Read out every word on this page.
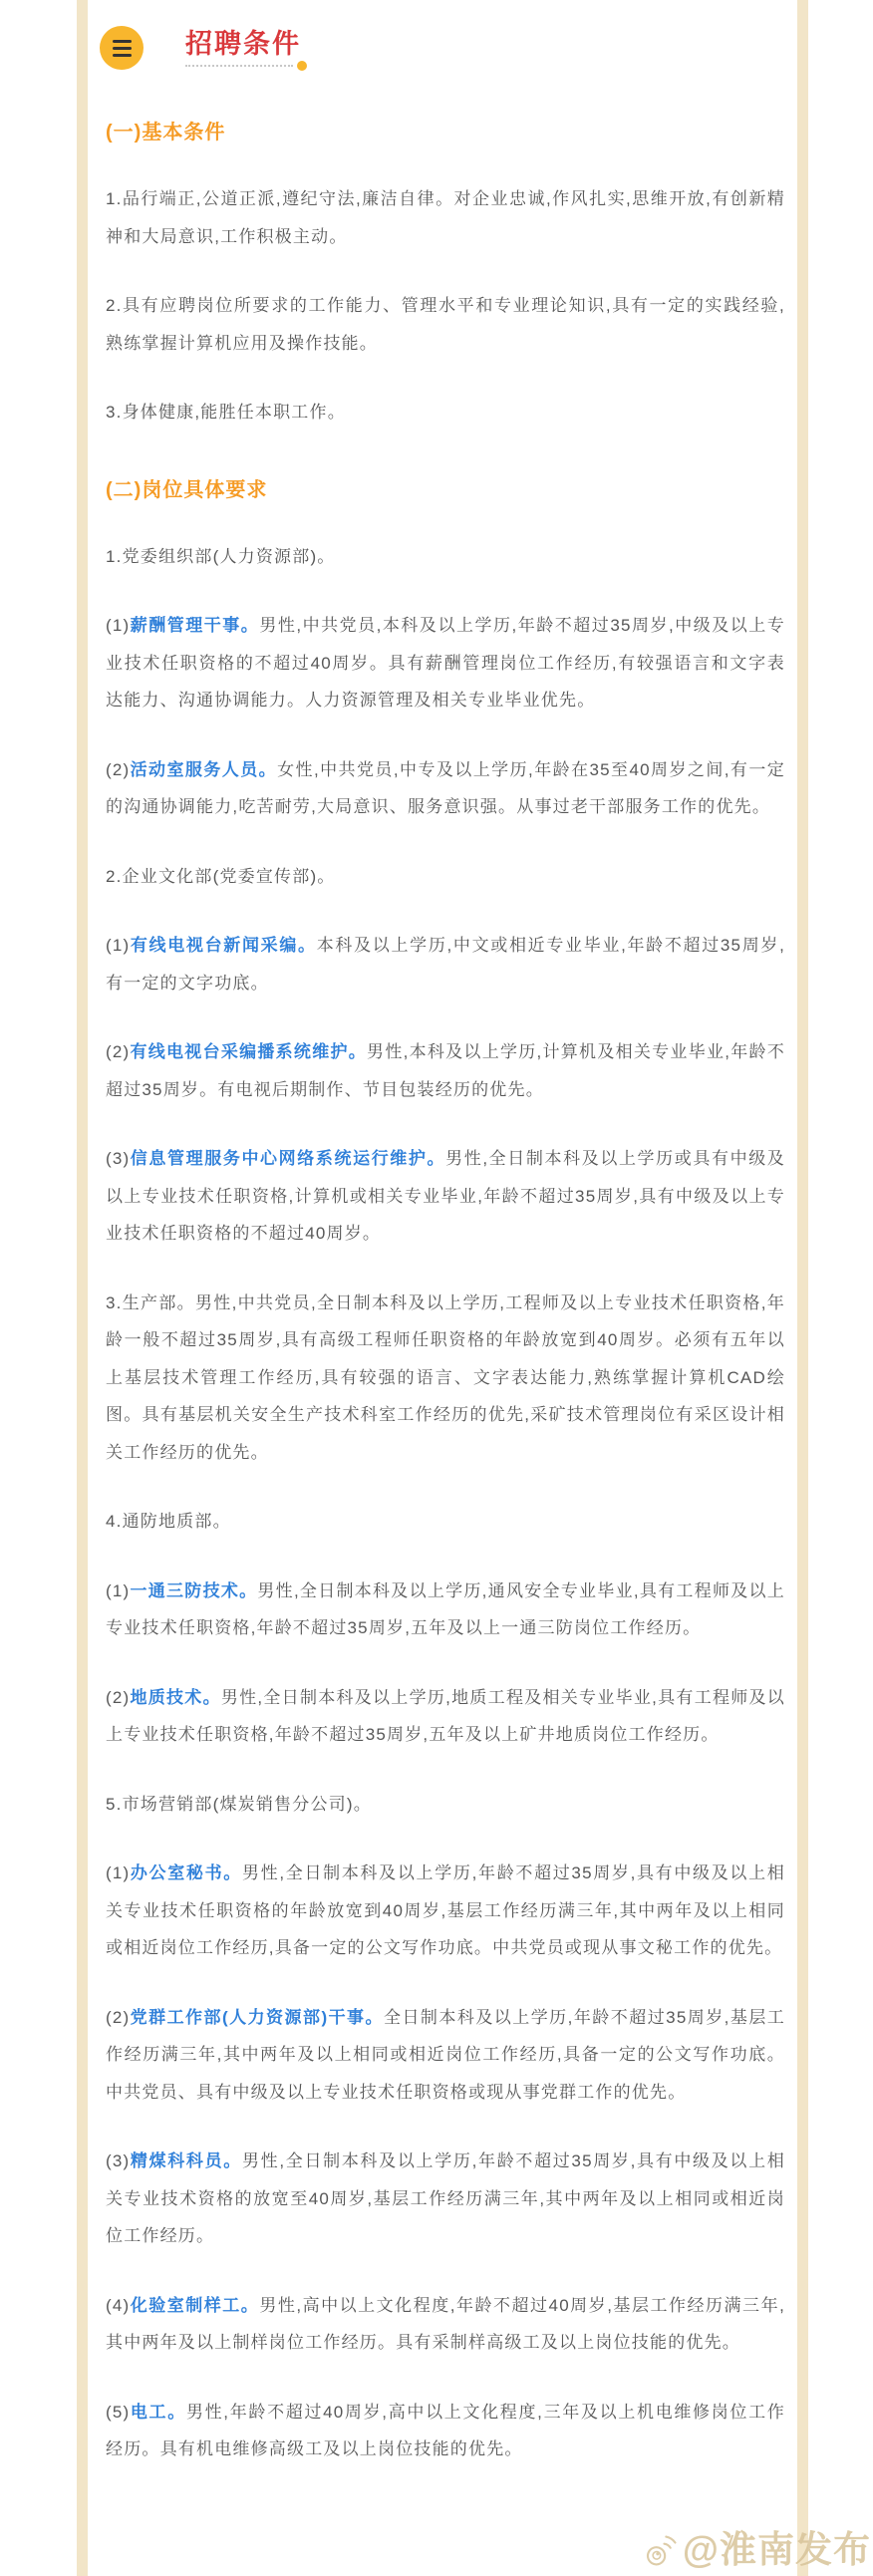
招聘条件
(一)基本条件

1.品行端正,公道正派,遵纪守法,廉洁自律。对企业忠诚,作风扎实,思维开放,有创新精神和大局意识,工作积极主动。

2.具有应聘岗位所要求的工作能力、管理水平和专业理论知识,具有一定的实践经验,熟练掌握计算机应用及操作技能。

3.身体健康,能胜任本职工作。

(二)岗位具体要求

1.党委组织部(人力资源部)。

(1)薪酬管理干事。男性,中共党员,本科及以上学历,年龄不超过35周岁,中级及以上专业技术任职资格的不超过40周岁。具有薪酬管理岗位工作经历,有较强语言和文字表达能力、沟通协调能力。人力资源管理及相关专业毕业优先。

(2)活动室服务人员。女性,中共党员,中专及以上学历,年龄在35至40周岁之间,有一定的沟通协调能力,吃苦耐劳,大局意识、服务意识强。从事过老干部服务工作的优先。

2.企业文化部(党委宣传部)。

(1)有线电视台新闻采编。本科及以上学历,中文或相近专业毕业,年龄不超过35周岁,有一定的文字功底。

(2)有线电视台采编播系统维护。男性,本科及以上学历,计算机及相关专业毕业,年龄不超过35周岁。有电视后期制作、节目包装经历的优先。

(3)信息管理服务中心网络系统运行维护。男性,全日制本科及以上学历或具有中级及以上专业技术任职资格,计算机或相关专业毕业,年龄不超过35周岁,具有中级及以上专业技术任职资格的不超过40周岁。

3.生产部。男性,中共党员,全日制本科及以上学历,工程师及以上专业技术任职资格,年龄一般不超过35周岁,具有高级工程师任职资格的年龄放宽到40周岁。必须有五年以上基层技术管理工作经历,具有较强的语言、文字表达能力,熟练掌握计算机CAD绘图。具有基层机关安全生产技术科室工作经历的优先,采矿技术管理岗位有采区设计相关工作经历的优先。

4.通防地质部。

(1)一通三防技术。男性,全日制本科及以上学历,通风安全专业毕业,具有工程师及以上专业技术任职资格,年龄不超过35周岁,五年及以上一通三防岗位工作经历。

(2)地质技术。男性,全日制本科及以上学历,地质工程及相关专业毕业,具有工程师及以上专业技术任职资格,年龄不超过35周岁,五年及以上矿井地质岗位工作经历。

5.市场营销部(煤炭销售分公司)。

(1)办公室秘书。男性,全日制本科及以上学历,年龄不超过35周岁,具有中级及以上相关专业技术任职资格的年龄放宽到40周岁,基层工作经历满三年,其中两年及以上相同或相近岗位工作经历,具备一定的公文写作功底。中共党员或现从事文秘工作的优先。

(2)党群工作部(人力资源部)干事。全日制本科及以上学历,年龄不超过35周岁,基层工作经历满三年,其中两年及以上相同或相近岗位工作经历,具备一定的公文写作功底。中共党员、具有中级及以上专业技术任职资格或现从事党群工作的优先。

(3)精煤科科员。男性,全日制本科及以上学历,年龄不超过35周岁,具有中级及以上相关专业技术资格的放宽至40周岁,基层工作经历满三年,其中两年及以上相同或相近岗位工作经历。

(4)化验室制样工。男性,高中以上文化程度,年龄不超过40周岁,基层工作经历满三年,其中两年及以上制样岗位工作经历。具有采制样高级工及以上岗位技能的优先。

(5)电工。男性,年龄不超过40周岁,高中以上文化程度,三年及以上机电维修岗位工作经历。具有机电维修高级工及以上岗位技能的优先。

@淮南发布
